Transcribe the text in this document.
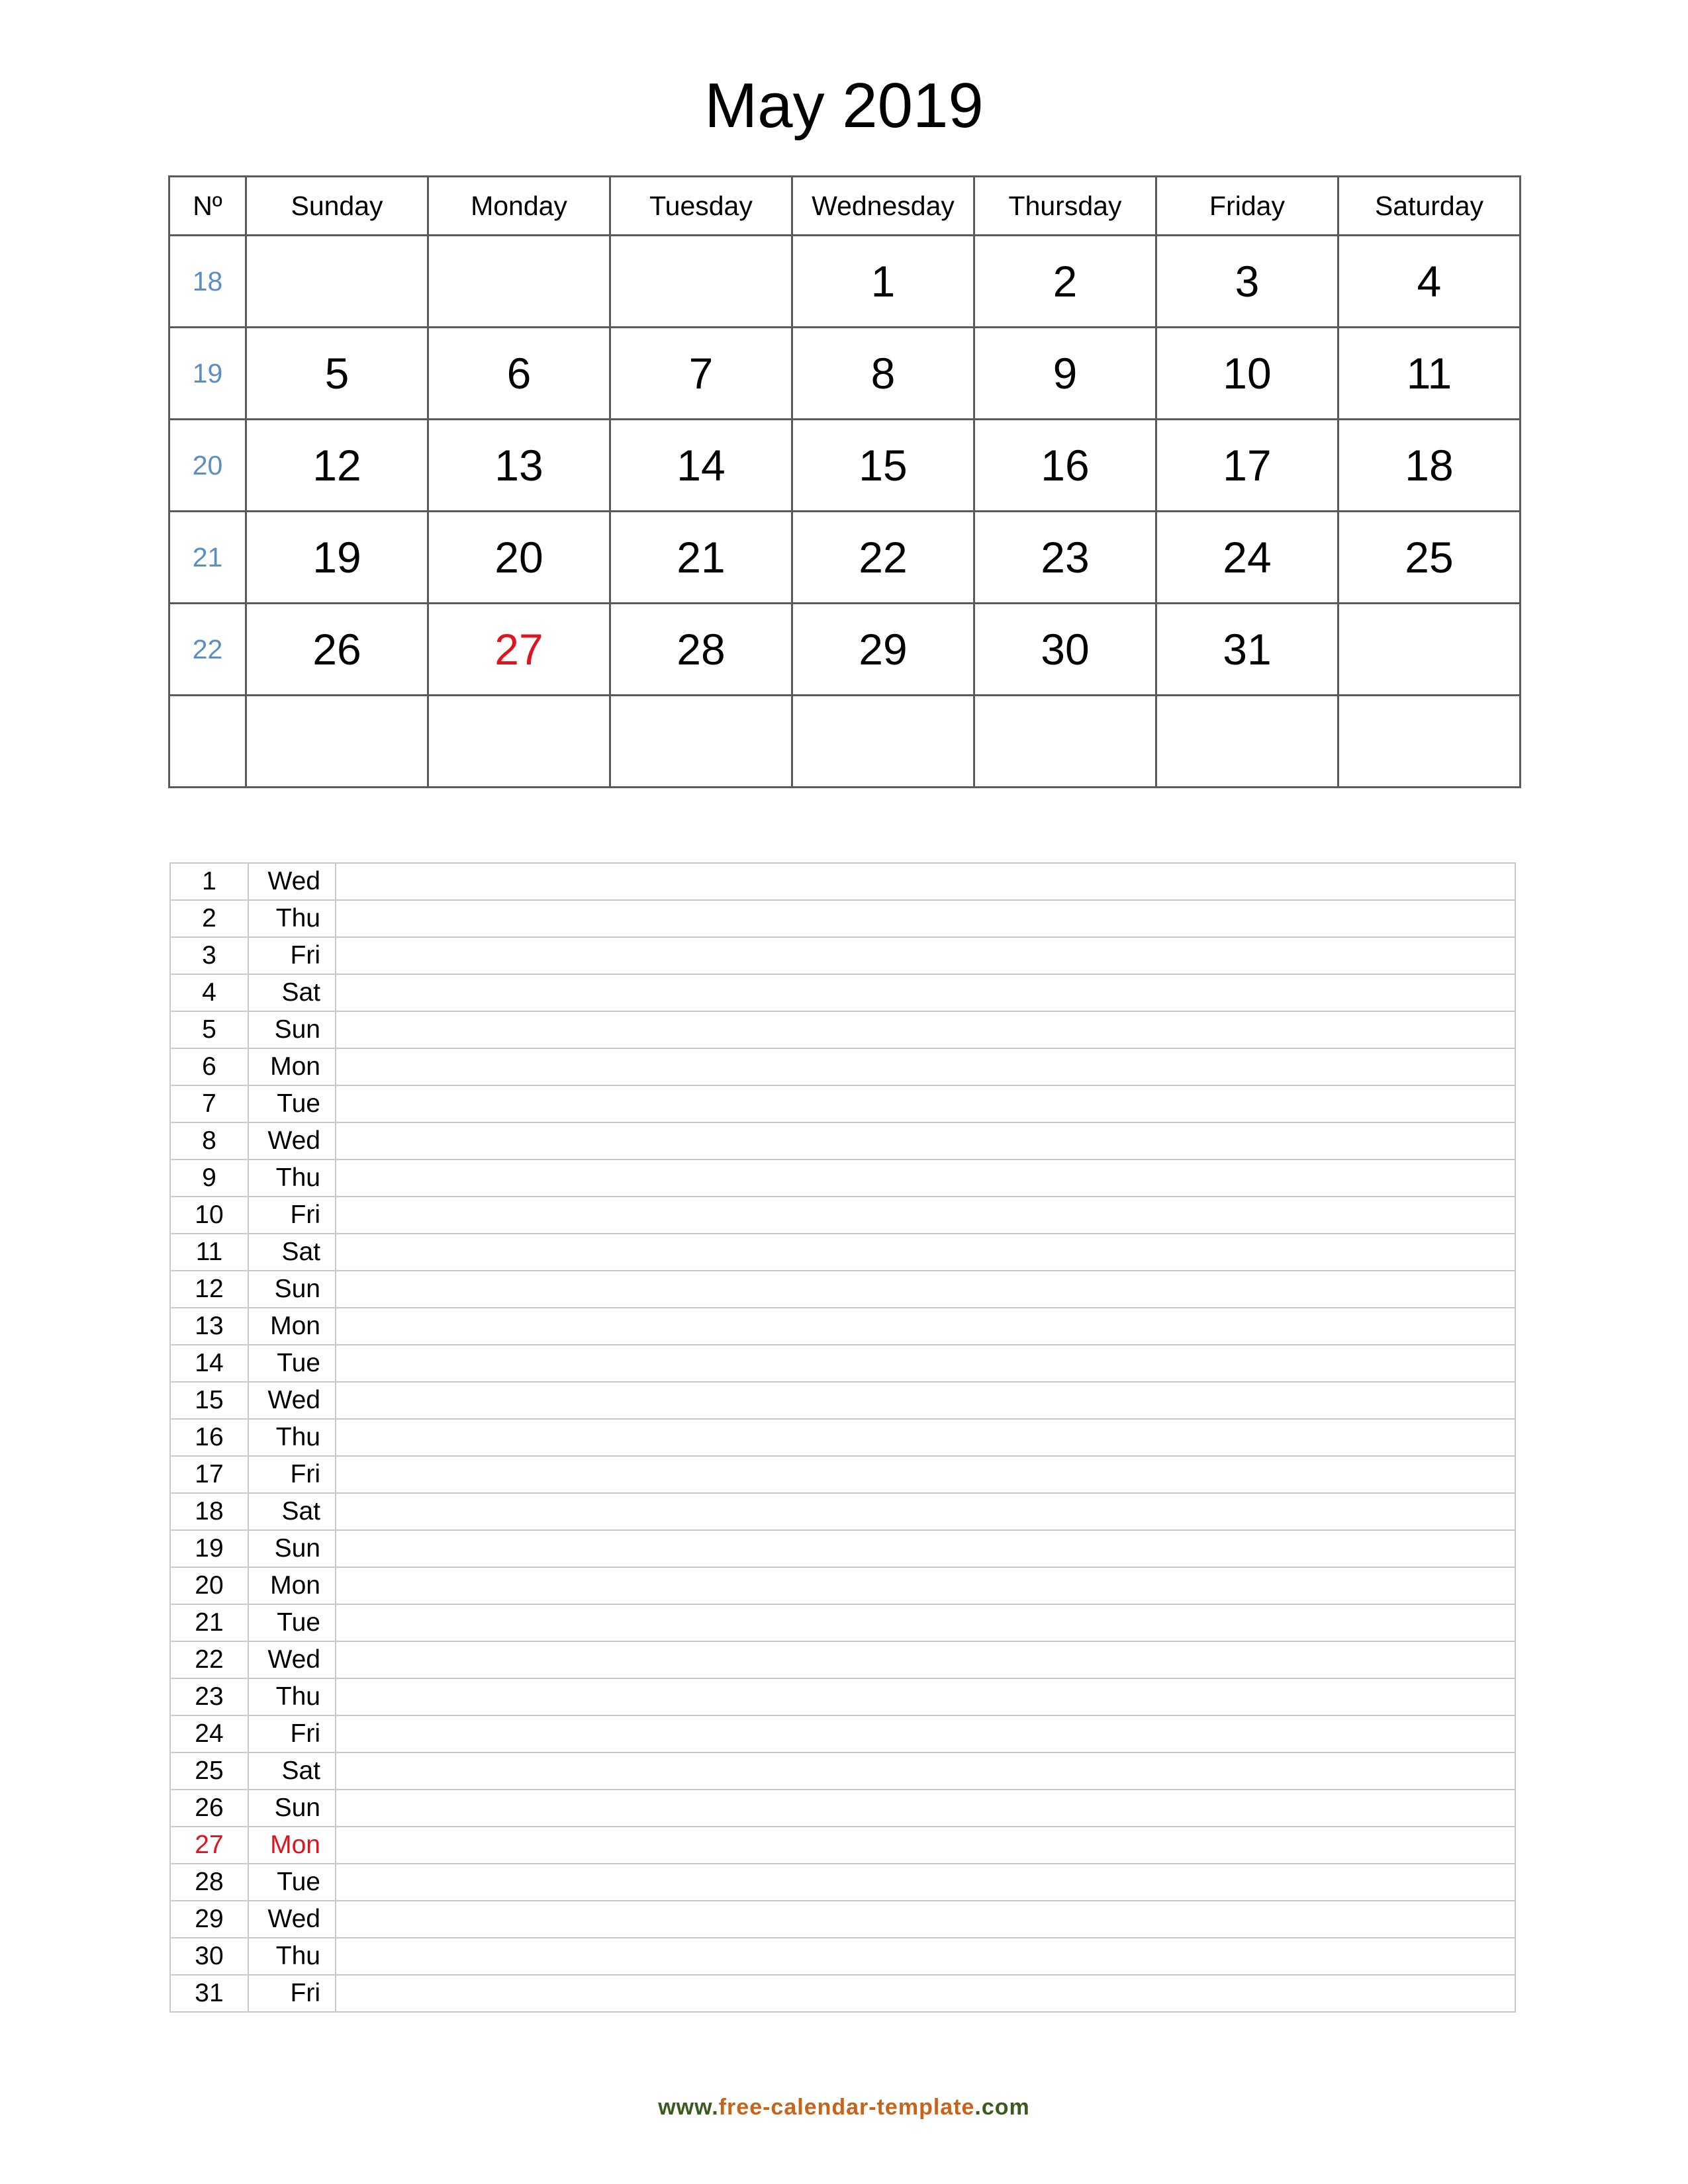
May 2019
Nº	Sunday	Monday	Tuesday	Wednesday	Thursday	Friday	Saturday
18				1	2	3	4
19	5	6	7	8	9	10	11
20	12	13	14	15	16	17	18
21	19	20	21	22	23	24	25
22	26	27	28	29	30	31	

1	Wed	
2	Thu	
3	Fri	
4	Sat	
5	Sun	
6	Mon	
7	Tue	
8	Wed	
9	Thu	
10	Fri	
11	Sat	
12	Sun	
13	Mon	
14	Tue	
15	Wed	
16	Thu	
17	Fri	
18	Sat	
19	Sun	
20	Mon	
21	Tue	
22	Wed	
23	Thu	
24	Fri	
25	Sat	
26	Sun	
27	Mon	
28	Tue	
29	Wed	
30	Thu	
31	Fri	
www.free-calendar-template.com
